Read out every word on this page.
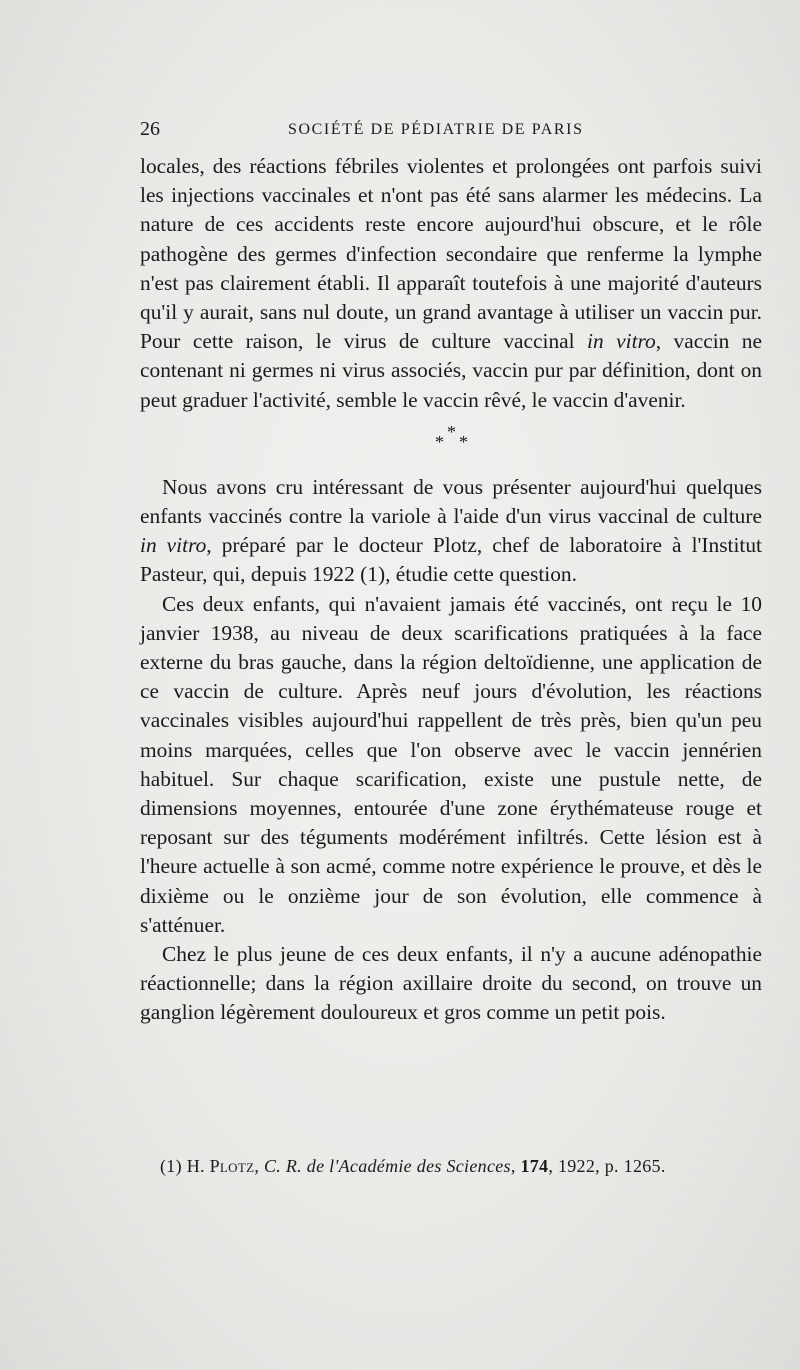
26	SOCIÉTÉ DE PÉDIATRIE DE PARIS

locales, des réactions fébriles violentes et prolongées ont parfois suivi les injections vaccinales et n'ont pas été sans alarmer les médecins. La nature de ces accidents reste encore aujourd'hui obscure, et le rôle pathogène des germes d'infection secondaire que renferme la lymphe n'est pas clairement établi. Il apparaît toutefois à une majorité d'auteurs qu'il y aurait, sans nul doute, un grand avantage à utiliser un vaccin pur. Pour cette raison, le virus de culture vaccinal in vitro, vaccin ne contenant ni germes ni virus associés, vaccin pur par définition, dont on peut graduer l'activité, semble le vaccin rêvé, le vaccin d'avenir.

*
* *

Nous avons cru intéressant de vous présenter aujourd'hui quelques enfants vaccinés contre la variole à l'aide d'un virus vaccinal de culture in vitro, préparé par le docteur Plotz, chef de laboratoire à l'Institut Pasteur, qui, depuis 1922 (1), étudie cette question.

Ces deux enfants, qui n'avaient jamais été vaccinés, ont reçu le 10 janvier 1938, au niveau de deux scarifications pratiquées à la face externe du bras gauche, dans la région deltoïdienne, une application de ce vaccin de culture. Après neuf jours d'évolution, les réactions vaccinales visibles aujourd'hui rappellent de très près, bien qu'un peu moins marquées, celles que l'on observe avec le vaccin jennérien habituel. Sur chaque scarification, existe une pustule nette, de dimensions moyennes, entourée d'une zone érythémateuse rouge et reposant sur des téguments modérément infiltrés. Cette lésion est à l'heure actuelle à son acmé, comme notre expérience le prouve, et dès le dixième ou le onzième jour de son évolution, elle commence à s'atténuer.

Chez le plus jeune de ces deux enfants, il n'y a aucune adénopathie réactionnelle; dans la région axillaire droite du second, on trouve un ganglion légèrement douloureux et gros comme un petit pois.

(1) H. Plotz, C. R. de l'Académie des Sciences, 174, 1922, p. 1265.
